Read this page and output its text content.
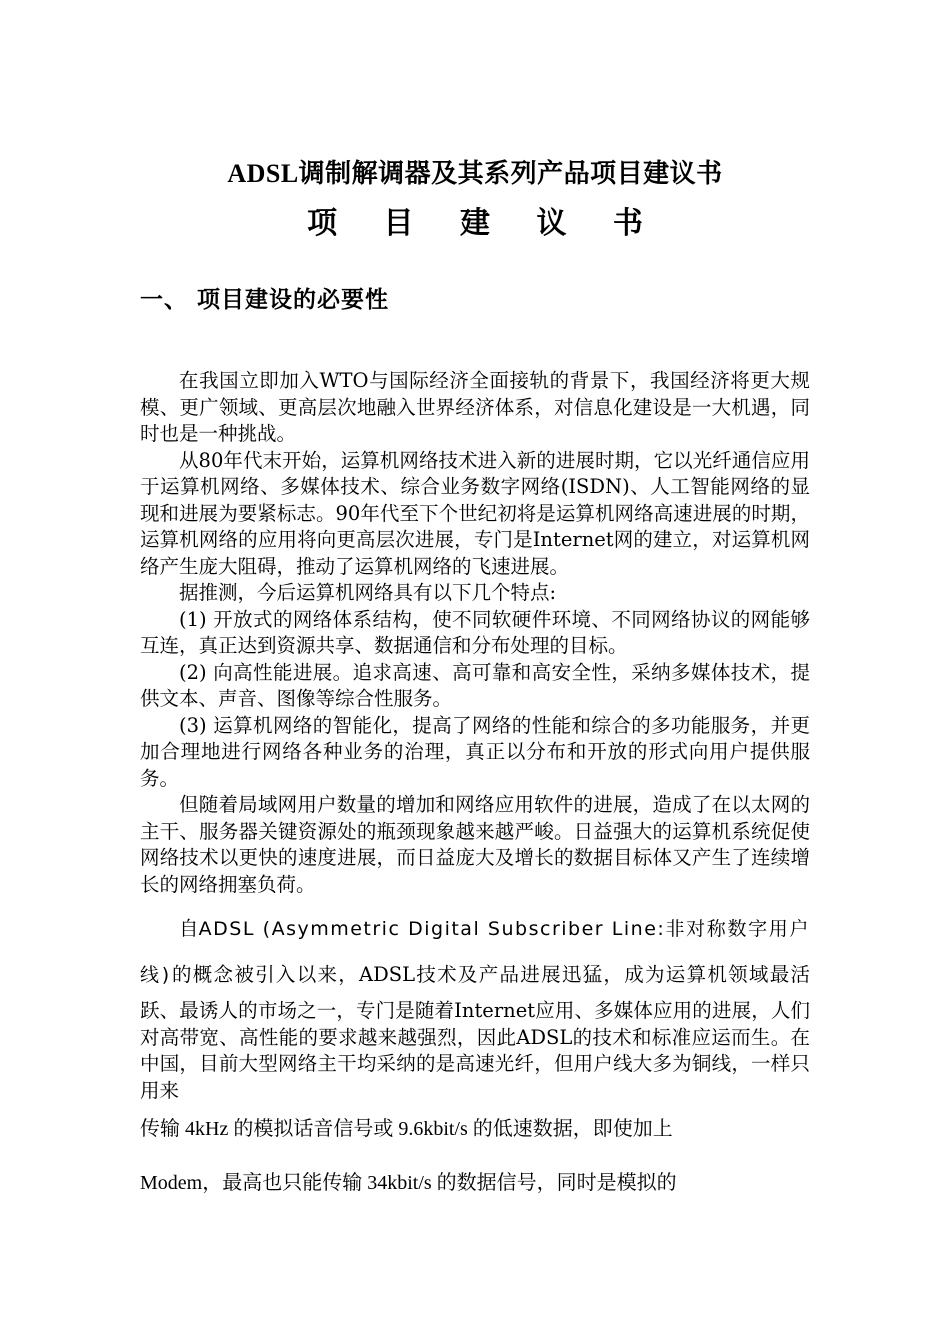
ADSL调制解调器及其系列产品项目建议书
项 目 建 议 书
一、 项目建设的必要性

在我国立即加入WTO与国际经济全面接轨的背景下，我国经济将更大规模、更广领域、更高层次地融入世界经济体系，对信息化建设是一大机遇，同时也是一种挑战。

从80年代末开始，运算机网络技术进入新的进展时期，它以光纤通信应用于运算机网络、多媒体技术、综合业务数字网络(ISDN)、人工智能网络的显现和进展为要紧标志。90年代至下个世纪初将是运算机网络高速进展的时期，运算机网络的应用将向更高层次进展，专门是Internet网的建立，对运算机网络产生庞大阻碍，推动了运算机网络的飞速进展。

据推测，今后运算机网络具有以下几个特点:

(1) 开放式的网络体系结构，使不同软硬件环境、不同网络协议的网能够互连，真正达到资源共享、数据通信和分布处理的目标。

(2) 向高性能进展。追求高速、高可靠和高安全性，采纳多媒体技术，提供文本、声音、图像等综合性服务。

(3) 运算机网络的智能化，提高了网络的性能和综合的多功能服务，并更加合理地进行网络各种业务的治理，真正以分布和开放的形式向用户提供服务。

但随着局域网用户数量的增加和网络应用软件的进展，造成了在以太网的主干、服务器关键资源处的瓶颈现象越来越严峻。日益强大的运算机系统促使网络技术以更快的速度进展，而日益庞大及增长的数据目标体又产生了连续增长的网络拥塞负荷。

自ADSL (Asymmetric Digital Subscriber Line:非对称数字用户线)的概念被引入以来，ADSL技术及产品进展迅猛，成为运算机领域最活跃、最诱人的市场之一，专门是随着Internet应用、多媒体应用的进展，人们对高带宽、高性能的要求越来越强烈，因此ADSL的技术和标准应运而生。在中国，目前大型网络主干均采纳的是高速光纤，但用户线大多为铜线，一样只用来

传输 4kHz 的模拟话音信号或 9.6kbit/s 的低速数据，即使加上
Modem，最高也只能传输 34kbit/s 的数据信号，同时是模拟的
